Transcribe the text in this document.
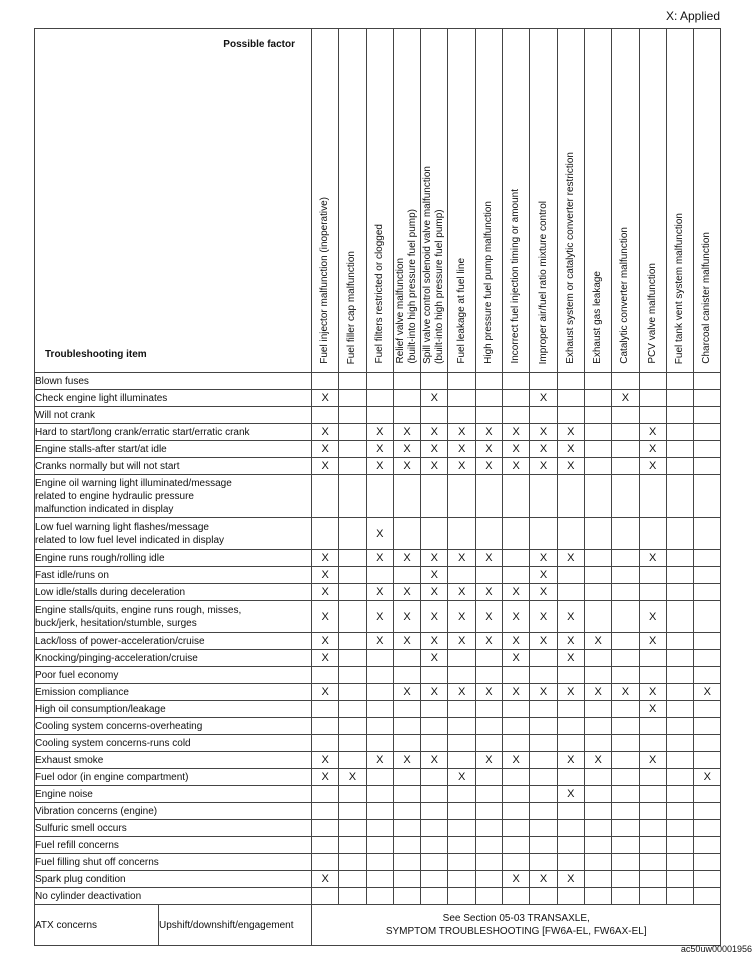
X: Applied
Possible factor
Troubleshooting item		Fuel injector malfunction (inoperative)	Fuel filler cap malfunction	Fuel filters restricted or clogged	Relief valve malfunction (built-into high pressure fuel pump)	Spill valve control solenoid valve malfunction (built-into high pressure fuel pump)	Fuel leakage at fuel line	High pressure fuel pump malfunction	Incorrect fuel injection timing or amount	Improper air/fuel ratio mixture control	Exhaust system or catalytic converter restriction	Exhaust gas leakage	Catalytic converter malfunction	PCV valve malfunction	Fuel tank vent system malfunction	Charcoal canister malfunction

Blown fuses																

Check engine light illuminates		X				X				X			X			

Will not crank																

Hard to start/long crank/erratic start/erratic crank		X		X	X	X	X	X	X	X	X			X		

Engine stalls-after start/at idle		X		X	X	X	X	X	X	X	X			X		

Cranks normally but will not start		X		X	X	X	X	X	X	X	X			X		

Engine oil warning light illuminated/message
related to engine hydraulic pressure
malfunction indicated in display																

Low fuel warning light flashes/message
related to low fuel level indicated in display				X												

Engine runs rough/rolling idle		X		X	X	X	X	X		X	X			X		

Fast idle/runs on		X				X				X						

Low idle/stalls during deceleration		X		X	X	X	X	X	X	X						

Engine stalls/quits, engine runs rough, misses,
buck/jerk, hesitation/stumble, surges		X		X	X	X	X	X	X	X	X			X		

Lack/loss of power-acceleration/cruise		X		X	X	X	X	X	X	X	X	X		X		

Knocking/pinging-acceleration/cruise		X				X			X		X					

Poor fuel economy																

Emission compliance		X			X	X	X	X	X	X	X	X	X	X		X

High oil consumption/leakage														X		

Cooling system concerns-overheating																

Cooling system concerns-runs cold																

Exhaust smoke		X		X	X	X		X	X		X	X		X		

Fuel odor (in engine compartment)		X	X				X									X

Engine noise											X					

Vibration concerns (engine)																

Sulfuric smell occurs																

Fuel refill concerns																

Fuel filling shut off concerns																

Spark plug condition		X							X	X	X					

No cylinder deactivation																

ATX concerns	Upshift/downshift/engagement	See Section 05-03 TRANSAXLE,
SYMPTOM TROUBLESHOOTING [FW6A-EL, FW6AX-EL]														
ac50uw00001956
